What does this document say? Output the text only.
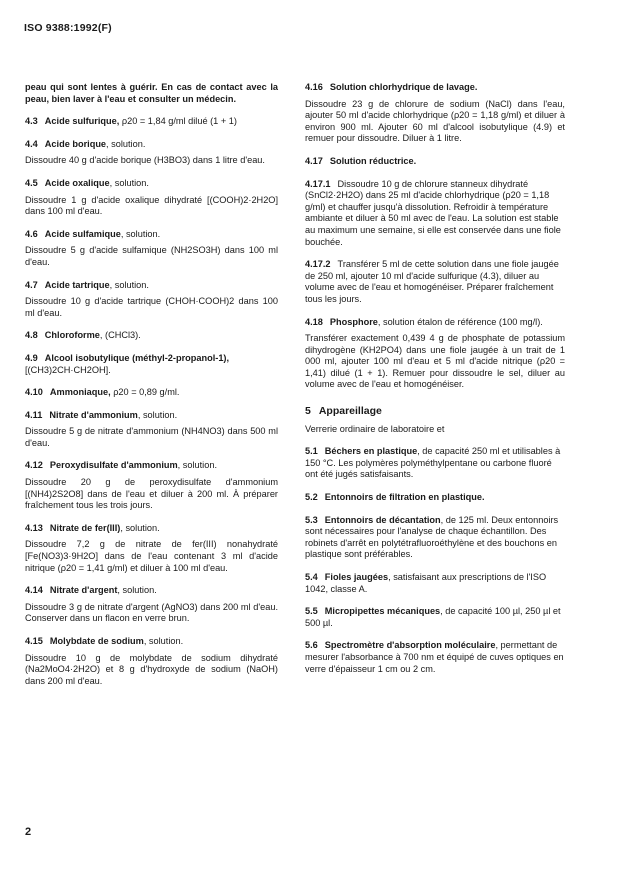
ISO 9388:1992(F)

peau qui sont lentes à guérir. En cas de contact avec la peau, bien laver à l'eau et consulter un médecin.

4.3 Acide sulfurique, ρ20 = 1,84 g/ml dilué (1 + 1)
4.4 Acide borique, solution.

Dissoudre 40 g d'acide borique (H3BO3) dans 1 litre d'eau.

4.5 Acide oxalique, solution.

Dissoudre 1 g d'acide oxalique dihydraté [(COOH)2·2H2O] dans 100 ml d'eau.

4.6 Acide sulfamique, solution.

Dissoudre 5 g d'acide sulfamique (NH2SO3H) dans 100 ml d'eau.

4.7 Acide tartrique, solution.

Dissoudre 10 g d'acide tartrique (CHOH·COOH)2 dans 100 ml d'eau.

4.8 Chloroforme, (CHCl3).
4.9 Alcool isobutylique (méthyl-2-propanol-1), [(CH3)2CH·CH2OH].
4.10 Ammoniaque, ρ20 = 0,89 g/ml.
4.11 Nitrate d'ammonium, solution.

Dissoudre 5 g de nitrate d'ammonium (NH4NO3) dans 500 ml d'eau.

4.12 Peroxydisulfate d'ammonium, solution.

Dissoudre 20 g de peroxydisulfate d'ammonium [(NH4)2S2O8] dans de l'eau et diluer à 200 ml. À préparer fraîchement tous les trois jours.

4.13 Nitrate de fer(III), solution.

Dissoudre 7,2 g de nitrate de fer(III) nonahydraté [Fe(NO3)3·9H2O] dans de l'eau contenant 3 ml d'acide nitrique (ρ20 = 1,41 g/ml) et diluer à 100 ml d'eau.

4.14 Nitrate d'argent, solution.

Dissoudre 3 g de nitrate d'argent (AgNO3) dans 200 ml d'eau. Conserver dans un flacon en verre brun.

4.15 Molybdate de sodium, solution.

Dissoudre 10 g de molybdate de sodium dihydraté (Na2MoO4·2H2O) et 8 g d'hydroxyde de sodium (NaOH) dans 200 ml d'eau.

4.16 Solution chlorhydrique de lavage.

Dissoudre 23 g de chlorure de sodium (NaCl) dans l'eau, ajouter 50 ml d'acide chlorhydrique (ρ20 = 1,18 g/ml) et diluer à environ 900 ml. Ajouter 60 ml d'alcool isobutylique (4.9) et remuer pour dissoudre. Diluer à 1 litre.

4.17 Solution réductrice.
4.17.1 Dissoudre 10 g de chlorure stanneux dihydraté (SnCl2·2H2O) dans 25 ml d'acide chlorhydrique (ρ20 = 1,18 g/ml) et chauffer jusqu'à dissolution. Refroidir à température ambiante et diluer à 50 ml avec de l'eau. La solution est stable au maximum une semaine, si elle est conservée dans une fiole bouchée.
4.17.2 Transférer 5 ml de cette solution dans une fiole jaugée de 250 ml, ajouter 10 ml d'acide sulfurique (4.3), diluer au volume avec de l'eau et homogénéiser. Préparer fraîchement tous les jours.
4.18 Phosphore, solution étalon de référence (100 mg/l).

Transférer exactement 0,439 4 g de phosphate de potassium dihydrogène (KH2PO4) dans une fiole jaugée à un trait de 1 000 ml, ajouter 100 ml d'eau et 5 ml d'acide nitrique (ρ20 = 1,41) dilué (1 + 1). Remuer pour dissoudre le sel, diluer au volume avec de l'eau et homogénéiser.

5 Appareillage

Verrerie ordinaire de laboratoire et

5.1 Béchers en plastique, de capacité 250 ml et utilisables à 150 °C. Les polymères polyméthylpentane ou carbone fluoré ont été jugés satisfaisants.
5.2 Entonnoirs de filtration en plastique.
5.3 Entonnoirs de décantation, de 125 ml. Deux entonnoirs sont nécessaires pour l'analyse de chaque échantillon. Des robinets d'arrêt en polytétrafluoroéthylène et des bouchons en plastique sont préférables.
5.4 Fioles jaugées, satisfaisant aux prescriptions de l'ISO 1042, classe A.
5.5 Micropipettes mécaniques, de capacité 100 µl, 250 µl et 500 µl.
5.6 Spectromètre d'absorption moléculaire, permettant de mesurer l'absorbance à 700 nm et équipé de cuves optiques en verre d'épaisseur 1 cm ou 2 cm.
2
